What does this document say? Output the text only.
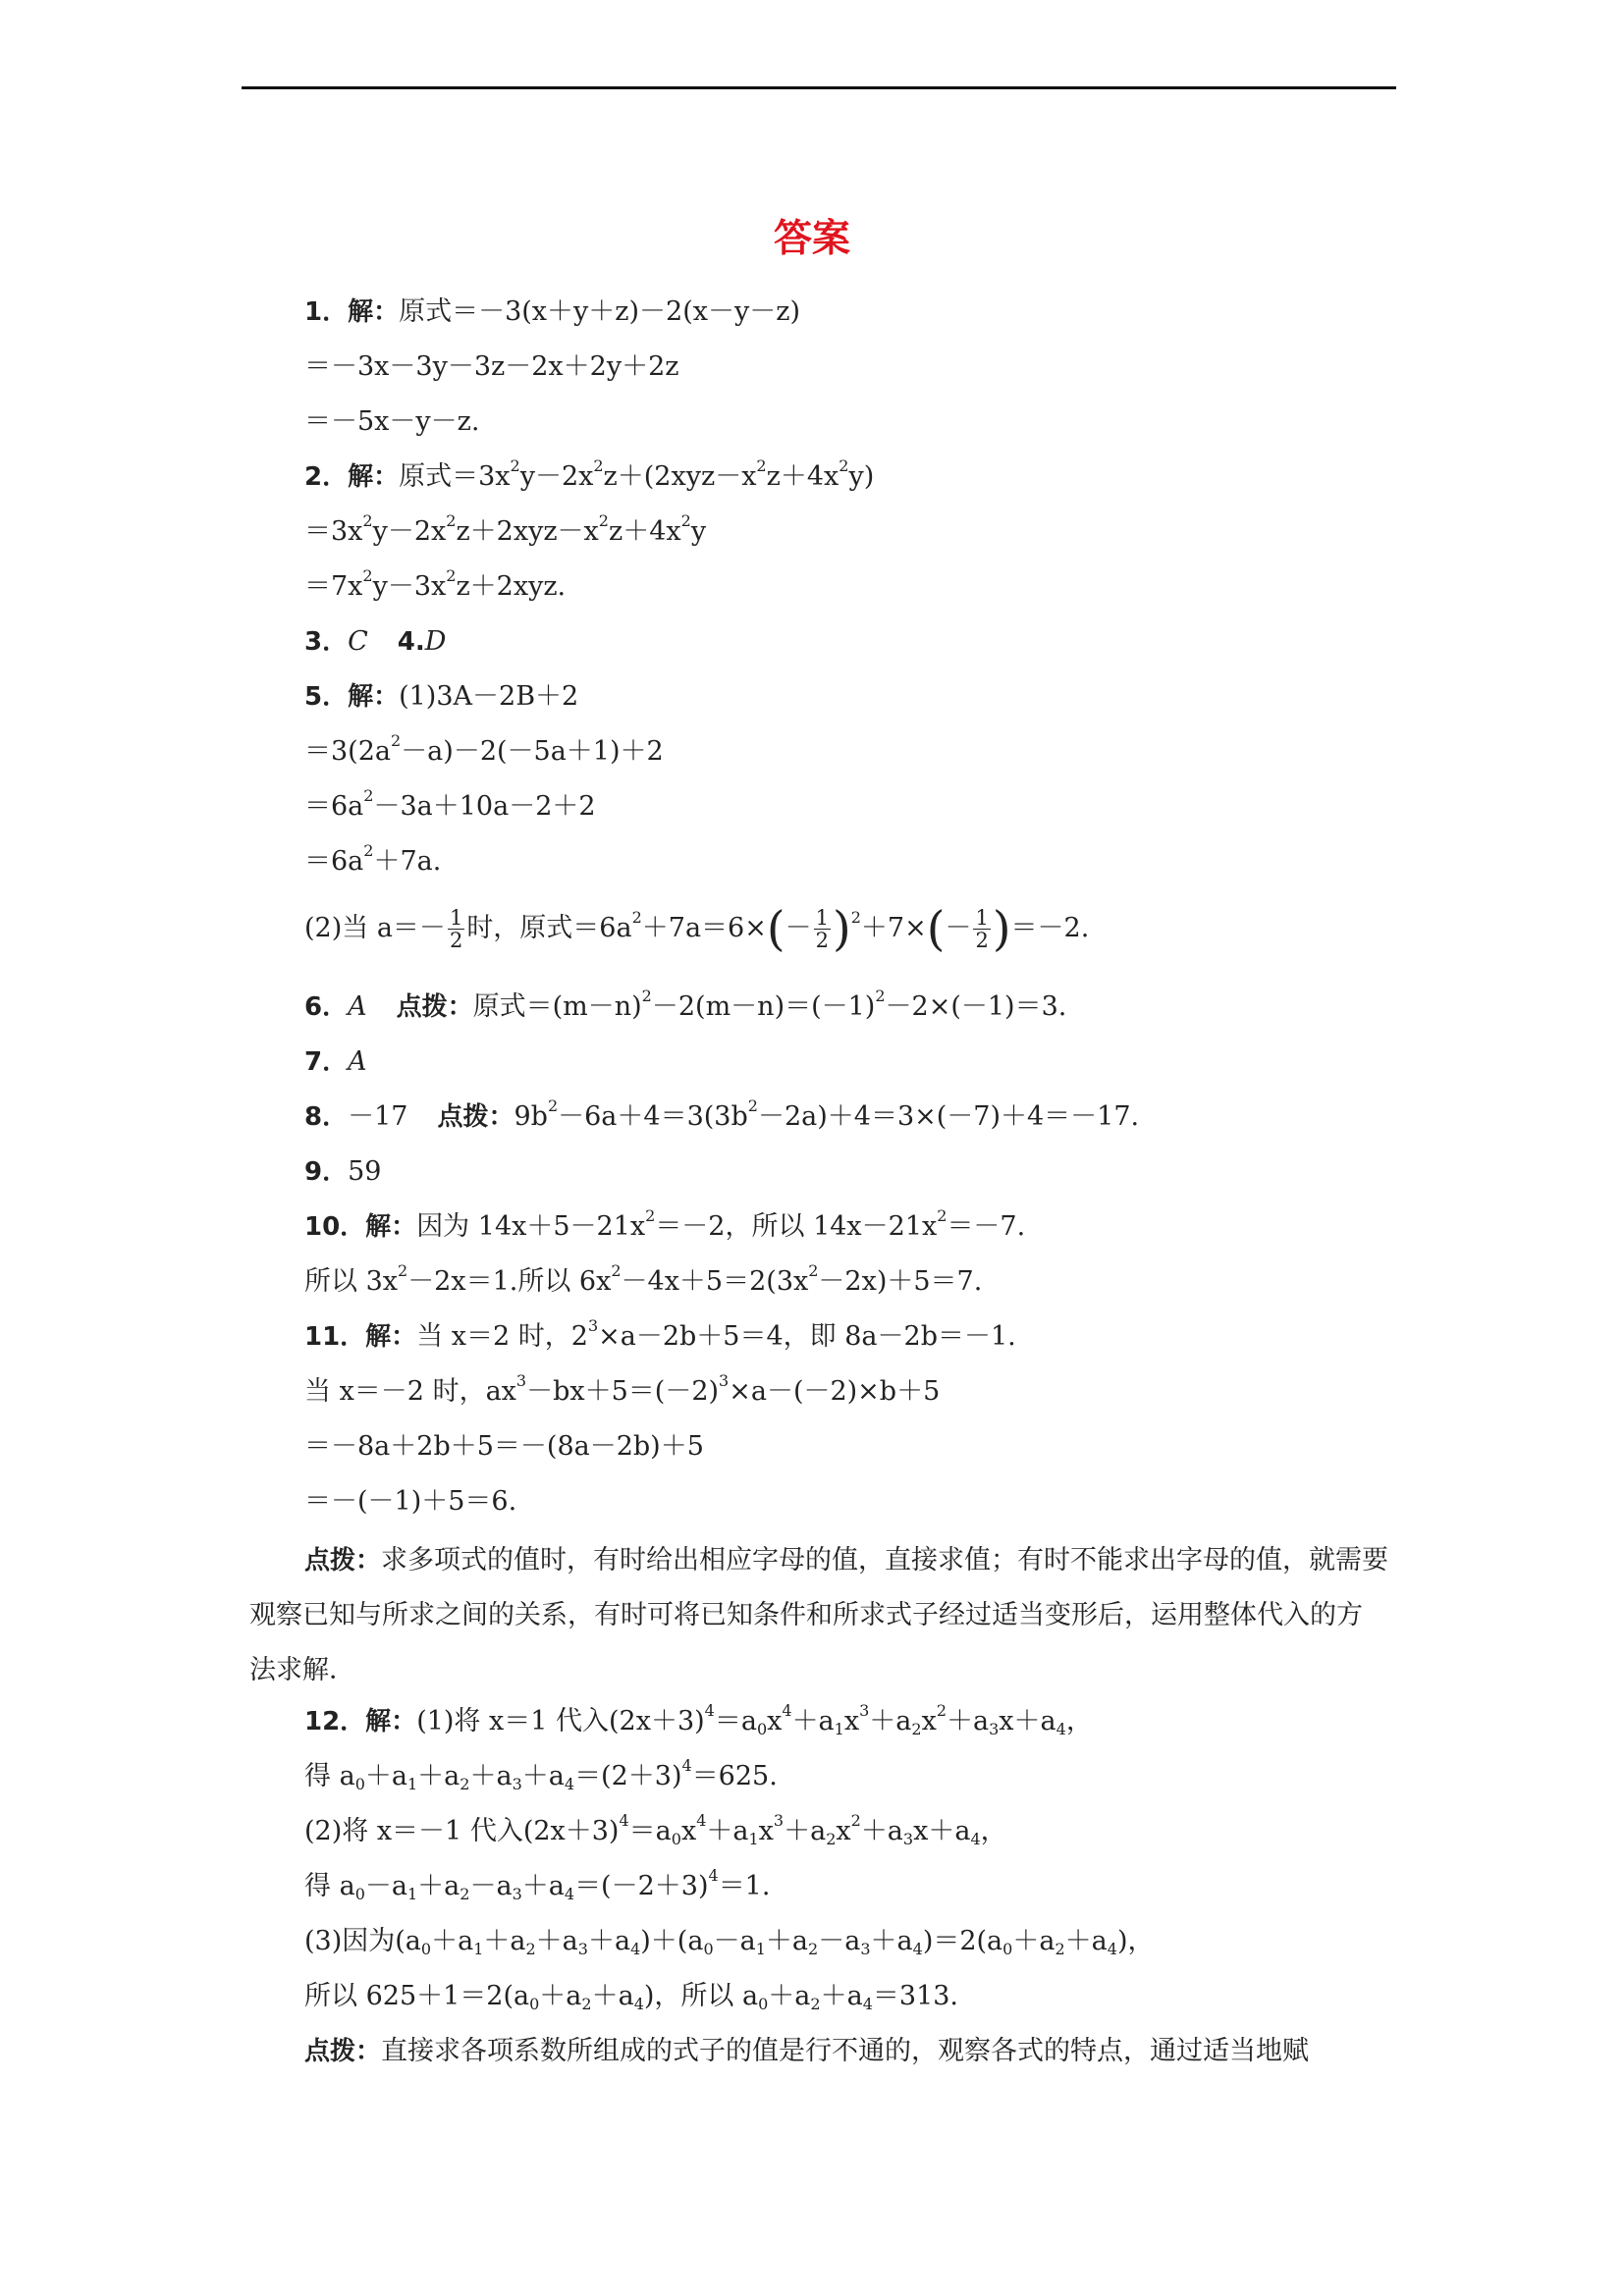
答案
1．解：原式＝－3(x＋y＋z)－2(x－y－z)
＝－3x－3y－3z－2x＋2y＋2z
＝－5x－y－z.
2．解：原式$=3x^2y-2x^2z+(2xyz-x^2z+4x^2y)$
$=3x^2y-2x^2z+2xyz-x^2z+4x^2y$
$=7x^2y-3x^2z+2xyz$.
3．C 4.D
5．解：(1)3A－2B＋2
$=3(2a^2-a)-2(-5a+1)+2$
$=6a^2-3a+10a-2+2$
$=6a^2+7a$.
(2)当 $a=- \frac{1}{2}$ 时，原式$=6a^2+7a=6\times(- \frac{1}{2} )^2+7\times(- \frac{1}{2} )=-2$.
6．A 点拨：原式$=(m-n)^2-2(m-n)=(-1)^2-2\times(-1)=3$.
7．A
8．－17 点拨：$9b^2-6a+4=3(3b^2-2a)+4=3\times(-7)+4=-17$.
9．59
10．解：因为 $14x+5-21x^2=-2$，所以 $14x-21x^2=-7$.
所以 $3x^2-2x=1$.所以 $6x^2-4x+5=2(3x^2-2x)+5=7$.
11．解：当 x＝2 时，$2^3\times a-2b+5=4$，即 8a－2b＝－1.
当 x＝－2 时，$ax^3-bx+5=(-2)^3\times a-(-2)\times b+5$
＝－8a＋2b＋5＝－(8a－2b)＋5
＝－(－1)＋5＝6.
点拨：求多项式的值时，有时给出相应字母的值，直接求值；有时不能求出字母的值，就需要观察已知与所求之间的关系，有时可将已知条件和所求式子经过适当变形后，运用整体代入的方法求解．
12．解：(1)将 x＝1 代入$(2x+3)^4=a_0x^4+a_1x^3+a_2x^2+a_3x+a_4$，
得 $a_0+a_1+a_2+a_3+a_4=(2+3)^4=625$.
(2)将 x＝－1 代入$(2x+3)^4=a_0x^4+a_1x^3+a_2x^2+a_3x+a_4$，
得 $a_0-a_1+a_2-a_3+a_4=(-2+3)^4=1$.
(3)因为$(a_0+a_1+a_2+a_3+a_4)+(a_0-a_1+a_2-a_3+a_4)=2(a_0+a_2+a_4)$，
所以 $625+1=2(a_0+a_2+a_4)$，所以 $a_0+a_2+a_4=313$.
点拨：直接求各项系数所组成的式子的值是行不通的，观察各式的特点，通过适当地赋
